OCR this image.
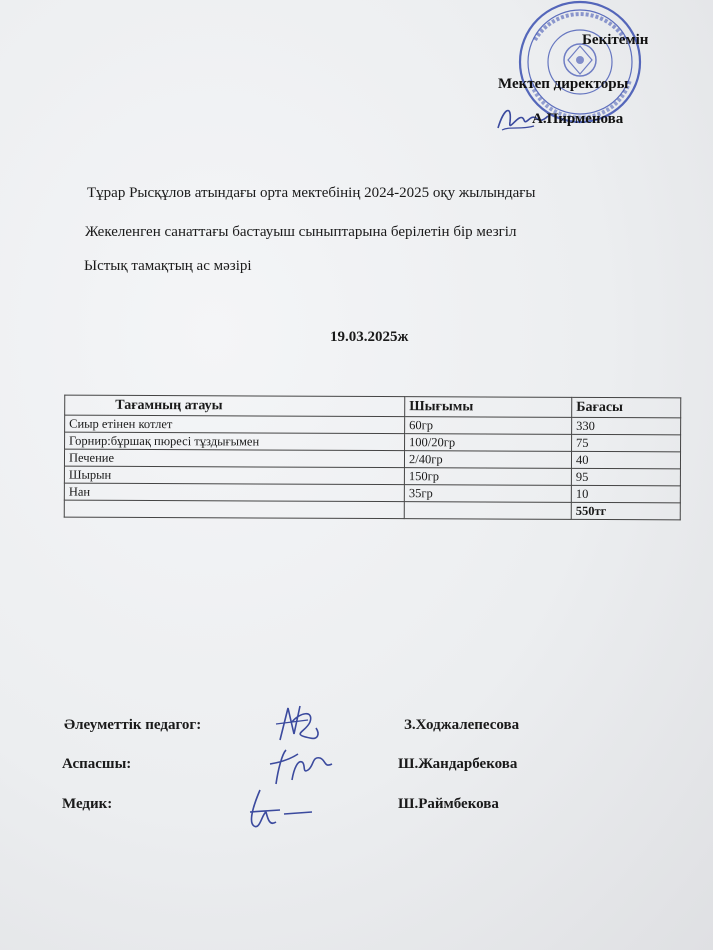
Бекітемін
Мектеп директоры
А.Пирменова
Тұрар Рысқұлов атындағы орта мектебінің 2024-2025 оқу жылындағы
Жекеленген санаттағы бастауыш сыныптарына берілетін бір мезгіл
Ыстық тамақтың ас мәзірі
19.03.2025ж
Тағамның атауы	Шығымы	Бағасы
Сиыр етінен котлет	60гр	330
Горнир:бұршақ пюресі тұздығымен	100/20гр	75
Печение	2/40гр	40
Шырын	150гр	95
Нан	35гр	10
		550тг
Әлеуметтік педагог:	З.Ходжалепесова
Аспасшы:	Ш.Жандарбекова
Медик:	Ш.Раймбекова
